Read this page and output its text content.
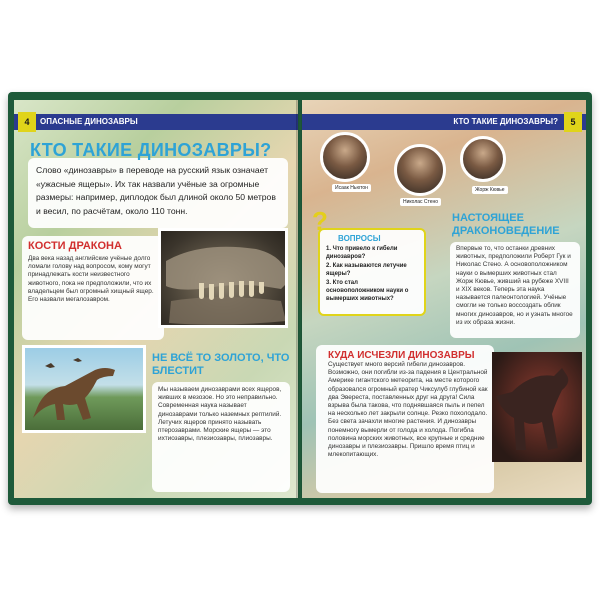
ОПАСНЫЕ ДИНОЗАВРЫ
4
Слово «динозавры» в переводе на русский язык означает «ужасные ящеры». Их так назвали учёные за огромные размеры: например, диплодок был длиной около 50 метров и весил, по расчётам, около 110 тонн.
КТО ТАКИЕ ДИНОЗАВРЫ?
КОСТИ ДРАКОНА
Два века назад английские учёные долго ломали голову над вопросом, кому могут принадлежать кости неизвестного животного, пока не предположили, что их владельцем был огромный хищный ящер. Его назвали мегалозавром.
НЕ ВСЁ ТО ЗОЛОТО, ЧТО БЛЕСТИТ
Мы называем динозаврами всех ящеров, живших в мезозое. Но это неправильно. Современная наука называет динозаврами только наземных рептилий. Летучих ящеров принято называть птерозаврами. Морские ящеры — это ихтиозавры, плезиозавры, плиозавры.
КТО ТАКИЕ ДИНОЗАВРЫ?	5
Исаак Ньютон
Николас Стено
Жорж Кювье
ВОПРОСЫ
1. Что привело к гибели динозавров?
2. Как называются летучие ящеры?
3. Кто стал основоположником науки о вымерших животных?
?	НАСТОЯЩЕЕ ДРАКОНОВЕДЕНИЕ
Впервые то, что останки древних животных, предположили Роберт Гук и Николас Стено. А основоположником науки о вымерших животных стал Жорж Кювье, живший на рубеже XVIII и XIX веков. Теперь эта наука называется палеонтологией. Учёные смогли не только воссоздать облик многих динозавров, но и узнать многое из их образа жизни.
Существует много версий гибели динозавров. Возможно, они погибли из-за падения в Центральной Америке гигантского метеорита, на месте которого образовался огромный кратер Чиксулуб глубиной как два Эвереста, поставленных друг на друга! Сила взрыва была такова, что поднявшаяся пыль и пепел на несколько лет закрыли солнце. Резко похолодало. Без света зачахли многие растения. И динозавры понемногу вымерли от голода и холода. Погибла половина морских животных, все крупные и средние динозавры и плезиозавры. Пришло время птиц и млекопитающих.
КУДА ИСЧЕЗЛИ ДИНОЗАВРЫ
